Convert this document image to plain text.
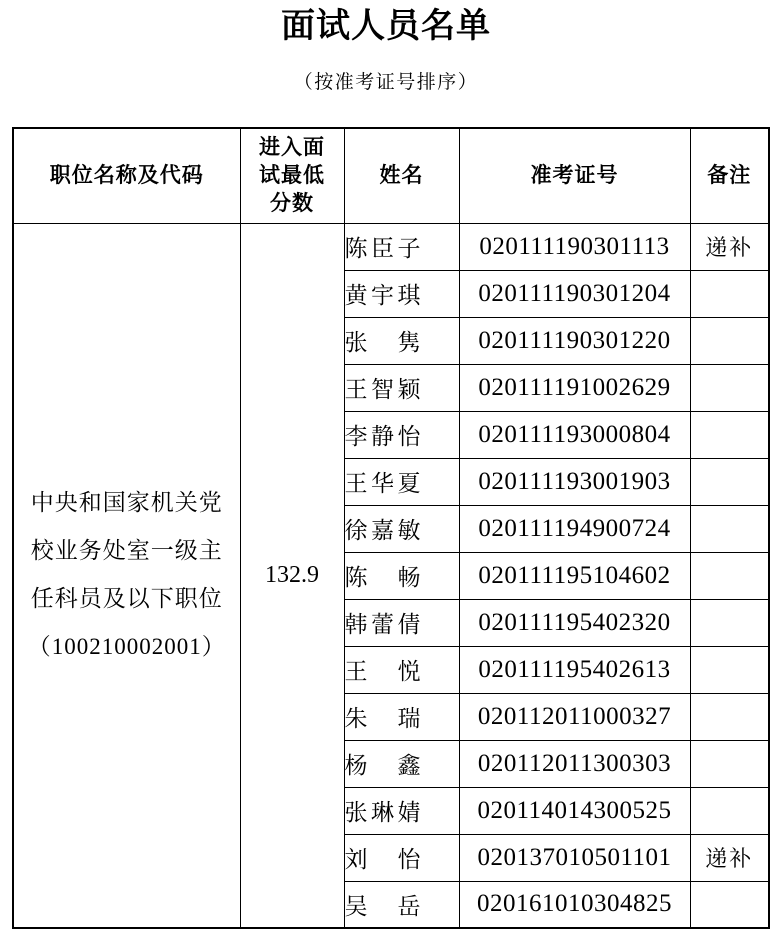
面试人员名单
（按准考证号排序）
职位名称及代码	进入面试最低分数	姓名	准考证号	备注

中央和国家机关党
校业务处室一级主
任科员及以下职位
（100210002001）	132.9	陈臣子	020111190301113	递补
		黄宇琪	020111190301204	
		张　隽	020111190301220	
		王智颖	020111191002629	
		李静怡	020111193000804	
		王华夏	020111193001903	
		徐嘉敏	020111194900724	
		陈　畅	020111195104602	
		韩蕾倩	020111195402320	
		王　悦	020111195402613	
		朱　瑞	020112011000327	
		杨　鑫	020112011300303	
		张琳婧	020114014300525	
		刘　怡	020137010501101	递补
		吴　岳	020161010304825	
